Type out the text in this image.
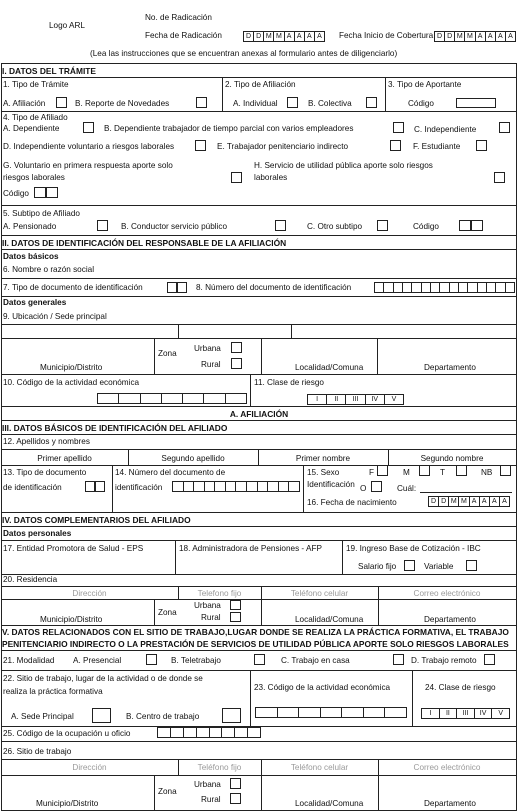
Logo ARL
No. de Radicación
Fecha de Radicación	D D M M A A A A Fecha Inicio de Cobertura D D M M A A A A
(Lea las instrucciones que se encuentran anexas al formulario antes de diligenciarlo)
I. DATOS DEL TRÁMITE
1. Tipo de Trámite
A. Afiliación	B. Reporte de Novedades
2. Tipo de Afiliación
A. Individual	B. Colectiva
3. Tipo de Aportante
Código
4. Tipo de Afiliado
A. Dependiente	B. Dependiente trabajador de tiempo parcial con varios empleadores	C. Independiente
D. Independiente voluntario a riesgos laborales	E. Trabajador penitenciario indirecto	F. Estudiante
G. Voluntario en primera respuesta aporte solo
riesgos laborales
H. Servicio de utilidad pública aporte solo riesgos
laborales
Código
5. Subtipo de Afiliado
A. Pensionado	B. Conductor servicio público	C. Otro subtipo	Código
II. DATOS DE IDENTIFICACIÓN DEL RESPONSABLE DE LA AFILIACIÓN
Datos básicos
6. Nombre o razón social
7. Tipo de documento de identificación	8. Número del documento de identificación
Datos generales
9. Ubicación / Sede principal
Zona
Urbana
Rural
Municipio/Distrito	Localidad/Comuna	Departamento
10. Código de la actividad económica	11. Clase de riesgo
I	II	III	IV	V
A. AFILIACIÓN
III. DATOS BÁSICOS DE IDENTIFICACIÓN DEL AFILIADO
12. Apellidos y nombres
Primer apellido	Segundo apellido	Primer nombre	Segundo nombre
13. Tipo de documento
de identificación
14. Número del documento de
identificación
15. Sexo	F	M	T	NB
Identificación O	Cuál:
16. Fecha de nacimiento	D D M M A A A A
IV. DATOS COMPLEMENTARIOS DEL AFILIADO
Datos personales
17. Entidad Promotora de Salud - EPS	18. Administradora de Pensiones - AFP	19. Ingreso Base de Cotización - IBC
Salario fijo	Variable
20. Residencia
Dirección	Telefono fijo	Teléfono celular	Correo electrónico
Zona
Urbana
Rural
Municipio/Distrito	Localidad/Comuna	Departamento
V. DATOS RELACIONADOS CON EL SITIO DE TRABAJO,LUGAR DONDE SE REALIZA LA PRÁCTICA FORMATIVA, EL TRABAJO
PENITENCIARIO INDIRECTO O LA PRESTACIÓN DE SERVICIOS DE UTILIDAD PÚBLICA APORTE SOLO RIESGOS LABORALES
21. Modalidad A. Presencial	B. Teletrabajo	C. Trabajo en casa	D. Trabajo remoto
22. Sitio de trabajo, lugar de la actividad o de donde se
realiza la práctica formativa
A. Sede Principal	B. Centro de trabajo
23. Código de la actividad económica	24. Clase de riesgo
I	II	III	IV	V
25. Código de la ocupación u oficio
26. Sitio de trabajo
Dirección	Teléfono fijo	Teléfono celular	Correo electrónico
Zona
Urbana
Rural
Municipio/Distrito	Localidad/Comuna	Departamento
